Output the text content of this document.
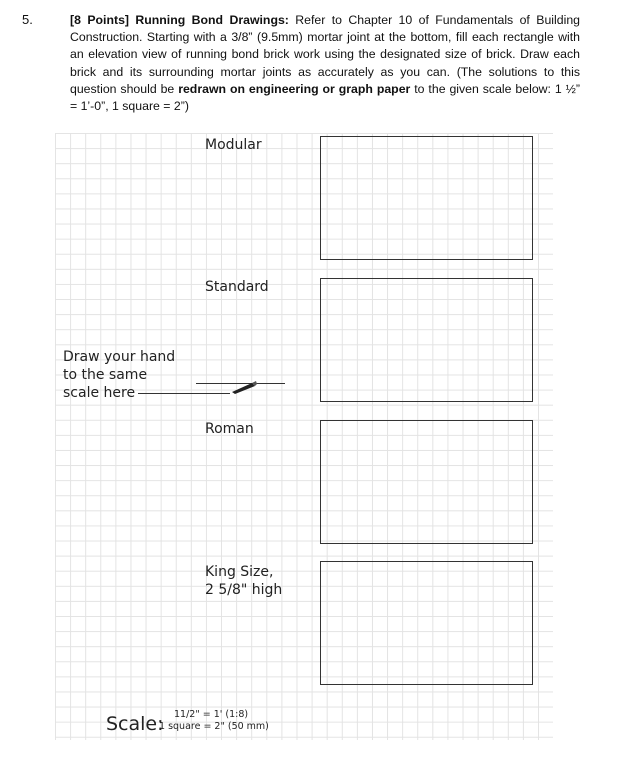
5.	[8 Points] Running Bond Drawings: Refer to Chapter 10 of Fundamentals of Building Construction. Starting with a 3/8” (9.5mm) mortar joint at the bottom, fill each rectangle with an elevation view of running bond brick work using the designated size of brick. Draw each brick and its surrounding mortar joints as accurately as you can. (The solutions to this question should be redrawn on engineering or graph paper to the given scale below: 1 ½” = 1’-0”, 1 square = 2”)
Modular
Standard
Draw your hand
to the same
scale here
Roman
King Size,
2 5/8" high
Scale: 11/2" = 1' (1:8)
1 square = 2" (50 mm)
